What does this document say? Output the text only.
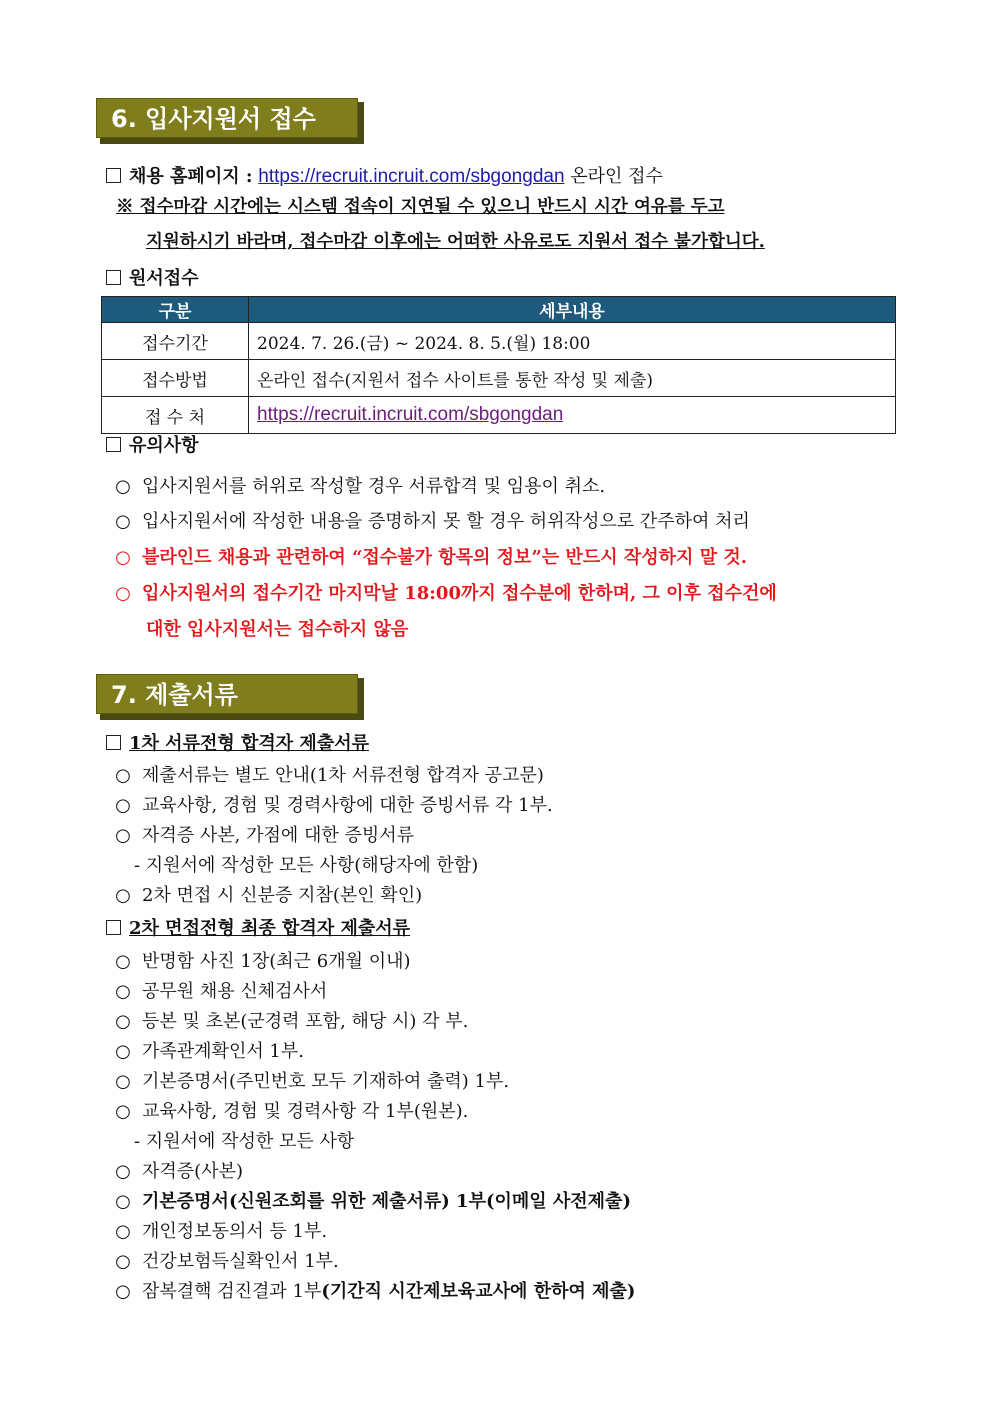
6. 입사지원서 접수
채용 홈페이지 : https://recruit.incruit.com/sbgongdan 온라인 접수
※ 접수마감 시간에는 시스템 접속이 지연될 수 있으니 반드시 시간 여유를 두고
지원하시기 바라며, 접수마감 이후에는 어떠한 사유로도 지원서 접수 불가합니다.
원서접수
구분	세부내용
접수기간	2024. 7. 26.(금) ~ 2024. 8. 5.(월) 18:00
접수방법	온라인 접수(지원서 접수 사이트를 통한 작성 및 제출)
접 수 처	https://recruit.incruit.com/sbgongdan
유의사항
○ 입사지원서를 허위로 작성할 경우 서류합격 및 임용이 취소.
○ 입사지원서에 작성한 내용을 증명하지 못 할 경우 허위작성으로 간주하여 처리
○ 블라인드 채용과 관련하여 “접수불가 항목의 정보”는 반드시 작성하지 말 것.
○ 입사지원서의 접수기간 마지막날 18:00까지 접수분에 한하며, 그 이후 접수건에
대한 입사지원서는 접수하지 않음
7. 제출서류
1차 서류전형 합격자 제출서류
○ 제출서류는 별도 안내(1차 서류전형 합격자 공고문)
○ 교육사항, 경험 및 경력사항에 대한 증빙서류 각 1부.
○ 자격증 사본, 가점에 대한 증빙서류
- 지원서에 작성한 모든 사항(해당자에 한함)
○ 2차 면접 시 신분증 지참(본인 확인)
2차 면접전형 최종 합격자 제출서류
○ 반명함 사진 1장(최근 6개월 이내)
○ 공무원 채용 신체검사서
○ 등본 및 초본(군경력 포함, 해당 시) 각 부.
○ 가족관계확인서 1부.
○ 기본증명서(주민번호 모두 기재하여 출력) 1부.
○ 교육사항, 경험 및 경력사항 각 1부(원본).
- 지원서에 작성한 모든 사항
○ 자격증(사본)
○ 기본증명서(신원조회를 위한 제출서류) 1부(이메일 사전제출)
○ 개인정보동의서 등 1부.
○ 건강보험득실확인서 1부.
○ 잠복결핵 검진결과 1부(기간직 시간제보육교사에 한하여 제출)
